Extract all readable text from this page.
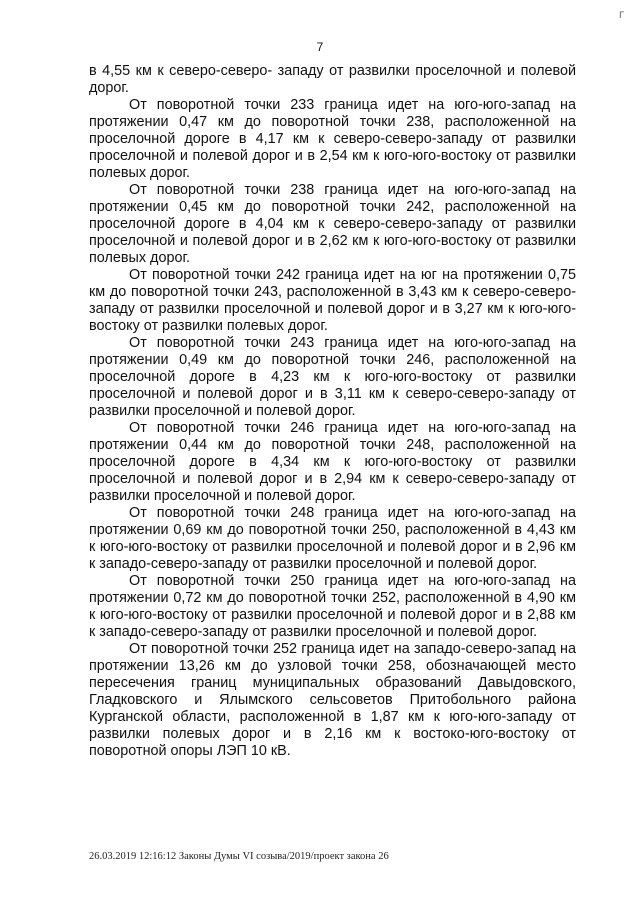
Г
7

в 4,55 км к северо-северо- западу от развилки проселочной и полевой дорог.

От поворотной точки 233 граница идет на юго-юго-запад на протяжении 0,47 км до поворотной точки 238, расположенной на проселочной дороге в 4,17 км к северо-северо-западу от развилки проселочной и полевой дорог и в 2,54 км к юго-юго-востоку от развилки полевых дорог.

От поворотной точки 238 граница идет на юго-юго-запад на протяжении 0,45 км до поворотной точки 242, расположенной на проселочной дороге в 4,04 км к северо-северо-западу от развилки проселочной и полевой дорог и в 2,62 км к юго-юго-востоку от развилки полевых дорог.

От поворотной точки 242 граница идет на юг на протяжении 0,75 км до поворотной точки 243, расположенной в 3,43 км к северо-северо-западу от развилки проселочной и полевой дорог и в 3,27 км к юго-юго-востоку от развилки полевых дорог.

От поворотной точки 243 граница идет на юго-юго-запад на протяжении 0,49 км до поворотной точки 246, расположенной на проселочной дороге в 4,23 км к юго-юго-востоку от развилки проселочной и полевой дорог и в 3,11 км к северо-северо-западу от развилки проселочной и полевой дорог.

От поворотной точки 246 граница идет на юго-юго-запад на протяжении 0,44 км до поворотной точки 248, расположенной на проселочной дороге в 4,34 км к юго-юго-востоку от развилки проселочной и полевой дорог и в 2,94 км к северо-северо-западу от развилки проселочной и полевой дорог.

От поворотной точки 248 граница идет на юго-юго-запад на протяжении 0,69 км до поворотной точки 250, расположенной в 4,43 км к юго-юго-востоку от развилки проселочной и полевой дорог и в 2,96 км к западо-северо-западу от развилки проселочной и полевой дорог.

От поворотной точки 250 граница идет на юго-юго-запад на протяжении 0,72 км до поворотной точки 252, расположенной в 4,90 км к юго-юго-востоку от развилки проселочной и полевой дорог и в 2,88 км к западо-северо-западу от развилки проселочной и полевой дорог.

От поворотной точки 252 граница идет на западо-северо-запад на протяжении 13,26 км до узловой точки 258, обозначающей место пересечения границ муниципальных образований Давыдовского, Гладковского и Ялымского сельсоветов Притобольного района Курганской области, расположенной в 1,87 км к юго-юго-западу от развилки полевых дорог и в 2,16 км к востоко-юго-востоку от поворотной опоры ЛЭП 10 кВ.

26.03.2019 12:16:12 Законы Думы VI созыва/2019/проект закона 26
